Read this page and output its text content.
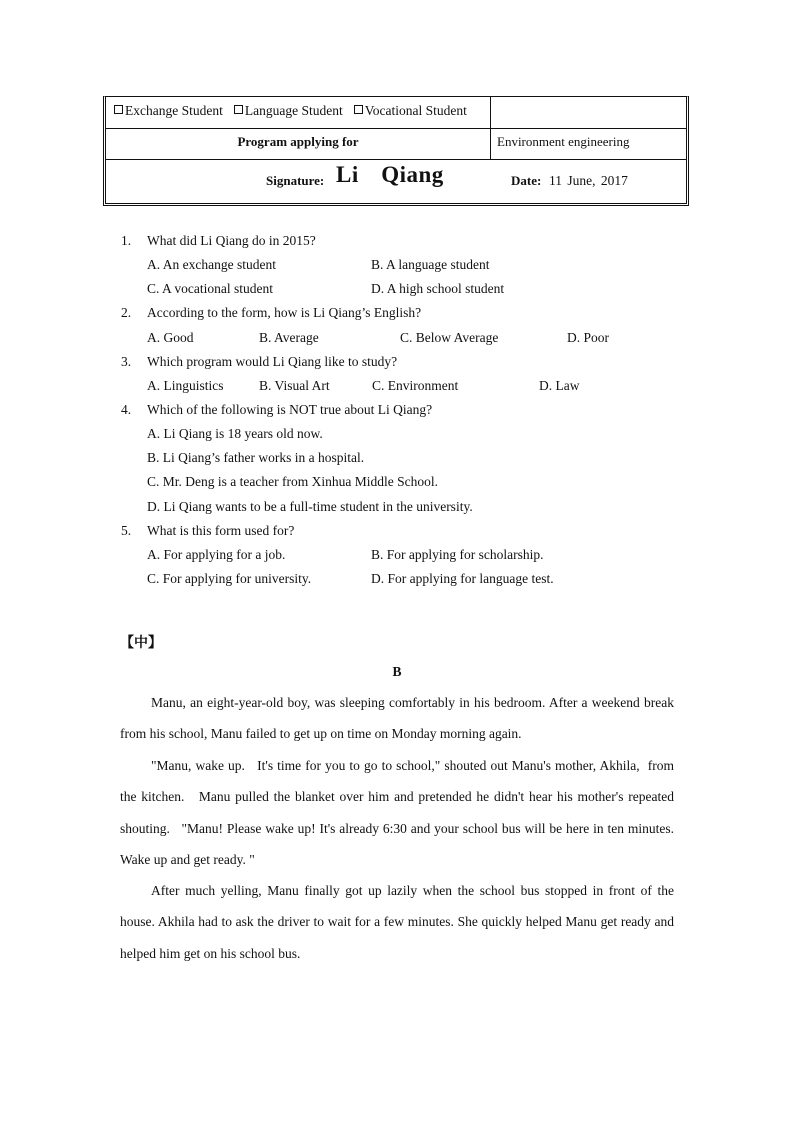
Exchange Student Language Student Vocational Student
Program applying for	Environment engineering
Signature: Li  Qiang	Date: 11 June, 2017
1. What did Li Qiang do in 2015?
A. An exchange student	B. A language student
C. A vocational student	D. A high school student
2. According to the form, how is Li Qiang’s English?
A. Good	B. Average	C. Below Average	D. Poor
3. Which program would Li Qiang like to study?
A. Linguistics	B. Visual Art	C. Environment	D. Law
4. Which of the following is NOT true about Li Qiang?
A. Li Qiang is 18 years old now.
B. Li Qiang’s father works in a hospital.
C. Mr. Deng is a teacher from Xinhua Middle School.
D. Li Qiang wants to be a full-time student in the university.
5. What is this form used for?
A. For applying for a job.	B. For applying for scholarship.
C. For applying for university.	D. For applying for language test.
【中】
B

Manu, an eight-year-old boy, was sleeping comfortably in his bedroom. After a weekend break from his school, Manu failed to get up on time on Monday morning again.

"Manu, wake up.   It's time for you to go to school," shouted out Manu's mother, Akhila,  from the kitchen.   Manu pulled the blanket over him and pretended he didn't hear his mother's repeated shouting.   "Manu! Please wake up! It's already 6:30 and your school bus will be here in ten minutes. Wake up and get ready. "

After much yelling, Manu finally got up lazily when the school bus stopped in front of the house. Akhila had to ask the driver to wait for a few minutes. She quickly helped Manu get ready and helped him get on his school bus.
